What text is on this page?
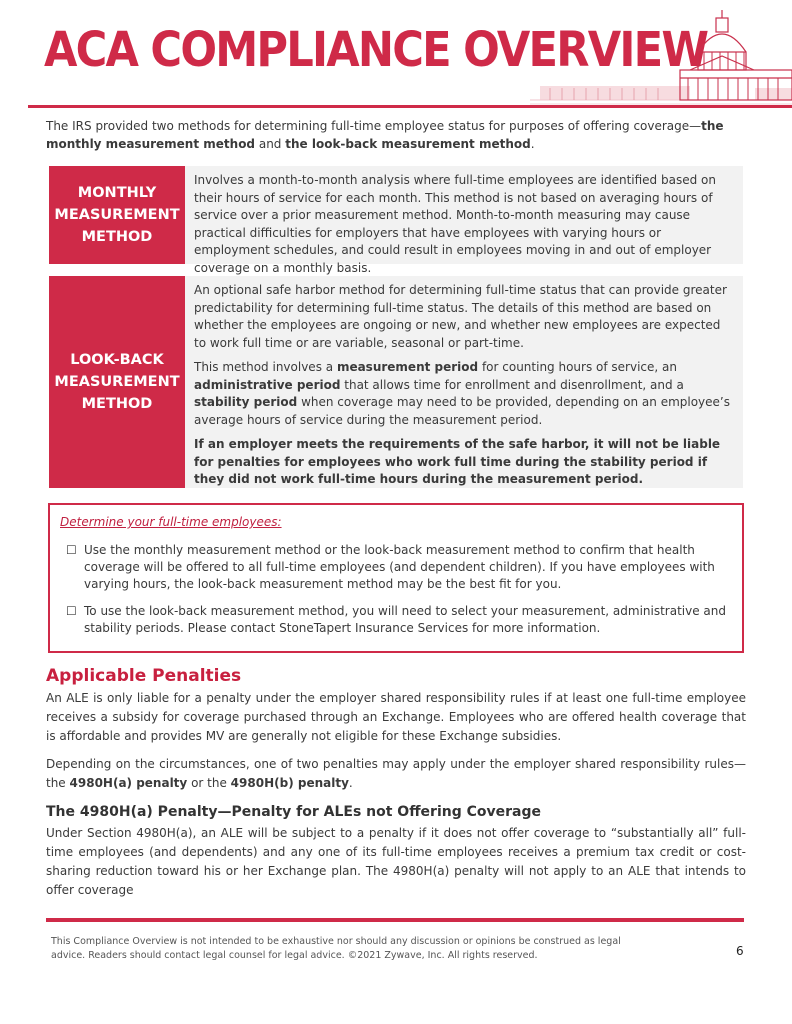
ACA COMPLIANCE OVERVIEW

The IRS provided two methods for determining full-time employee status for purposes of offering coverage—the monthly measurement method and the look-back measurement method.

MONTHLY MEASUREMENT METHOD

Involves a month-to-month analysis where full-time employees are identified based on their hours of service for each month. This method is not based on averaging hours of service over a prior measurement method. Month-to-month measuring may cause practical difficulties for employers that have employees with varying hours or employment schedules, and could result in employees moving in and out of employer coverage on a monthly basis.

LOOK-BACK MEASUREMENT METHOD

An optional safe harbor method for determining full-time status that can provide greater predictability for determining full-time status. The details of this method are based on whether the employees are ongoing or new, and whether new employees are expected to work full time or are variable, seasonal or part-time.

This method involves a measurement period for counting hours of service, an administrative period that allows time for enrollment and disenrollment, and a stability period when coverage may need to be provided, depending on an employee’s average hours of service during the measurement period.

If an employer meets the requirements of the safe harbor, it will not be liable for penalties for employees who work full time during the stability period if they did not work full-time hours during the measurement period.

Determine your full-time employees:

☐ Use the monthly measurement method or the look-back measurement method to confirm that health coverage will be offered to all full-time employees (and dependent children). If you have employees with varying hours, the look-back measurement method may be the best fit for you.
☐ To use the look-back measurement method, you will need to select your measurement, administrative and stability periods. Please contact StoneTapert Insurance Services for more information.
Applicable Penalties

An ALE is only liable for a penalty under the employer shared responsibility rules if at least one full-time employee receives a subsidy for coverage purchased through an Exchange. Employees who are offered health coverage that is affordable and provides MV are generally not eligible for these Exchange subsidies.

Depending on the circumstances, one of two penalties may apply under the employer shared responsibility rules—the 4980H(a) penalty or the 4980H(b) penalty.

The 4980H(a) Penalty—Penalty for ALEs not Offering Coverage

Under Section 4980H(a), an ALE will be subject to a penalty if it does not offer coverage to “substantially all” full-time employees (and dependents) and any one of its full-time employees receives a premium tax credit or cost-sharing reduction toward his or her Exchange plan. The 4980H(a) penalty will not apply to an ALE that intends to offer coverage

This Compliance Overview is not intended to be exhaustive nor should any discussion or opinions be construed as legal advice. Readers should contact legal counsel for legal advice. ©2021 Zywave, Inc. All rights reserved.	6
